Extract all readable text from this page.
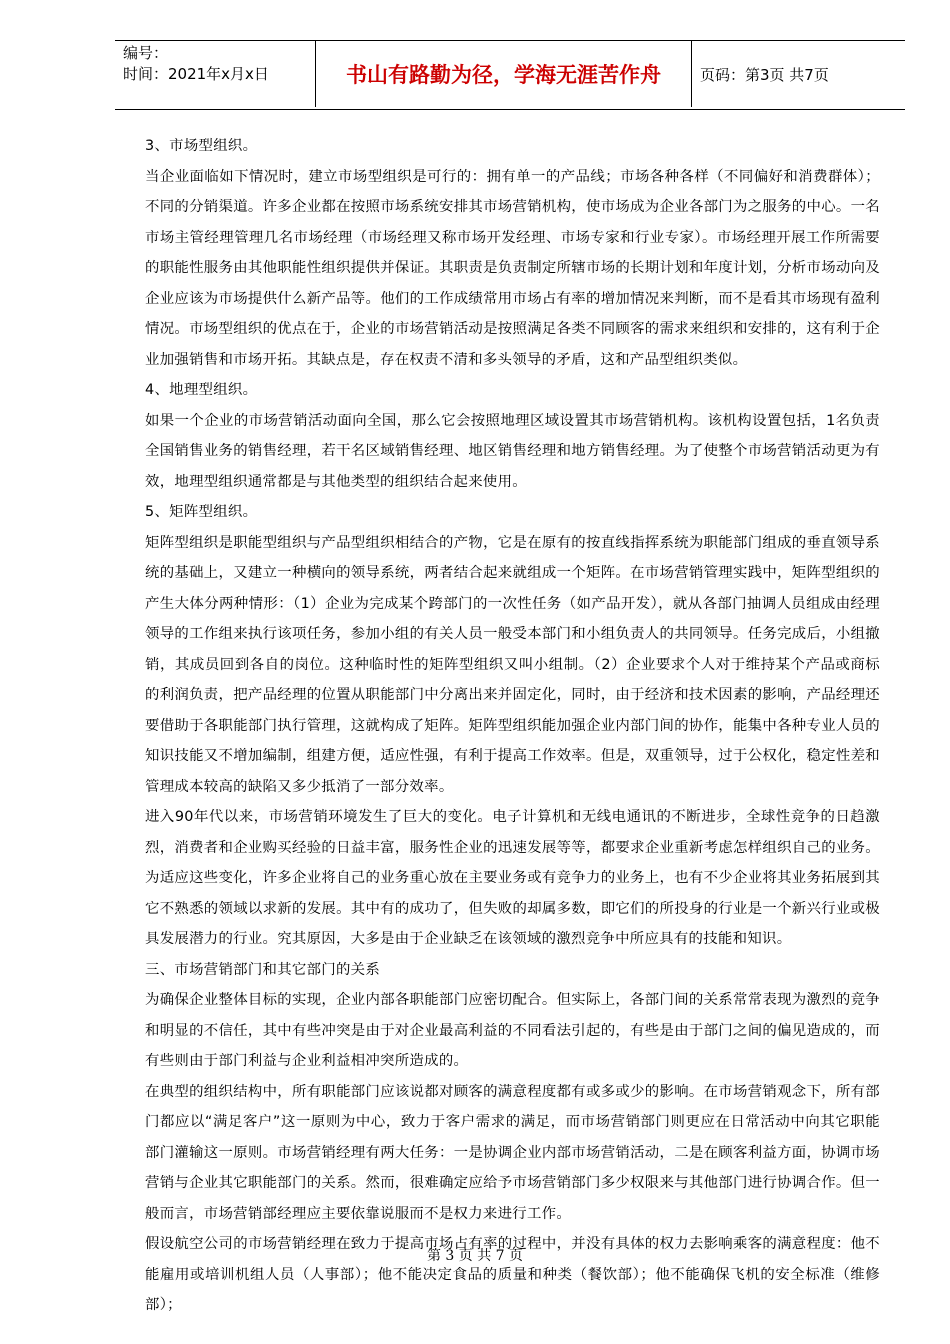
编号：
时间：2021年x月x日	书山有路勤为径，学海无涯苦作舟	页码：第3页 共7页

3、市场型组织。

当企业面临如下情况时，建立市场型组织是可行的：拥有单一的产品线；市场各种各样（不同偏好和消费群体）；不同的分销渠道。许多企业都在按照市场系统安排其市场营销机构，使市场成为企业各部门为之服务的中心。一名市场主管经理管理几名市场经理（市场经理又称市场开发经理、市场专家和行业专家）。市场经理开展工作所需要的职能性服务由其他职能性组织提供并保证。其职责是负责制定所辖市场的长期计划和年度计划，分析市场动向及企业应该为市场提供什么新产品等。他们的工作成绩常用市场占有率的增加情况来判断，而不是看其市场现有盈利情况。市场型组织的优点在于，企业的市场营销活动是按照满足各类不同顾客的需求来组织和安排的，这有利于企业加强销售和市场开拓。其缺点是，存在权责不清和多头领导的矛盾，这和产品型组织类似。

4、地理型组织。

如果一个企业的市场营销活动面向全国，那么它会按照地理区域设置其市场营销机构。该机构设置包括，1名负责全国销售业务的销售经理，若干名区域销售经理、地区销售经理和地方销售经理。为了使整个市场营销活动更为有效，地理型组织通常都是与其他类型的组织结合起来使用。

5、矩阵型组织。

矩阵型组织是职能型组织与产品型组织相结合的产物，它是在原有的按直线指挥系统为职能部门组成的垂直领导系统的基础上，又建立一种横向的领导系统，两者结合起来就组成一个矩阵。在市场营销管理实践中，矩阵型组织的产生大体分两种情形：（1）企业为完成某个跨部门的一次性任务（如产品开发），就从各部门抽调人员组成由经理领导的工作组来执行该项任务，参加小组的有关人员一般受本部门和小组负责人的共同领导。任务完成后，小组撤销，其成员回到各自的岗位。这种临时性的矩阵型组织又叫小组制。（2）企业要求个人对于维持某个产品或商标的利润负责，把产品经理的位置从职能部门中分离出来并固定化，同时，由于经济和技术因素的影响，产品经理还要借助于各职能部门执行管理，这就构成了矩阵。矩阵型组织能加强企业内部门间的协作，能集中各种专业人员的知识技能又不增加编制，组建方便，适应性强，有利于提高工作效率。但是，双重领导，过于公权化，稳定性差和管理成本较高的缺陷又多少抵消了一部分效率。

进入90年代以来，市场营销环境发生了巨大的变化。电子计算机和无线电通讯的不断进步，全球性竞争的日趋激烈，消费者和企业购买经验的日益丰富，服务性企业的迅速发展等等，都要求企业重新考虑怎样组织自己的业务。为适应这些变化，许多企业将自己的业务重心放在主要业务或有竞争力的业务上，也有不少企业将其业务拓展到其它不熟悉的领域以求新的发展。其中有的成功了，但失败的却属多数，即它们的所投身的行业是一个新兴行业或极具发展潜力的行业。究其原因，大多是由于企业缺乏在该领域的激烈竞争中所应具有的技能和知识。

三、市场营销部门和其它部门的关系

为确保企业整体目标的实现，企业内部各职能部门应密切配合。但实际上，各部门间的关系常常表现为激烈的竞争和明显的不信任，其中有些冲突是由于对企业最高利益的不同看法引起的，有些是由于部门之间的偏见造成的，而有些则由于部门利益与企业利益相冲突所造成的。

在典型的组织结构中，所有职能部门应该说都对顾客的满意程度都有或多或少的影响。在市场营销观念下，所有部门都应以“满足客户”这一原则为中心，致力于客户需求的满足，而市场营销部门则更应在日常活动中向其它职能部门灌输这一原则。市场营销经理有两大任务：一是协调企业内部市场营销活动，二是在顾客利益方面，协调市场营销与企业其它职能部门的关系。然而，很难确定应给予市场营销部门多少权限来与其他部门进行协调合作。但一般而言，市场营销部经理应主要依靠说服而不是权力来进行工作。

假设航空公司的市场营销经理在致力于提高市场占有率的过程中，并没有具体的权力去影响乘客的满意程度：他不能雇用或培训机组人员（人事部）；他不能决定食品的质量和种类（餐饮部）；他不能确保飞机的安全标准（维修部）；

第 3 页 共 7 页
